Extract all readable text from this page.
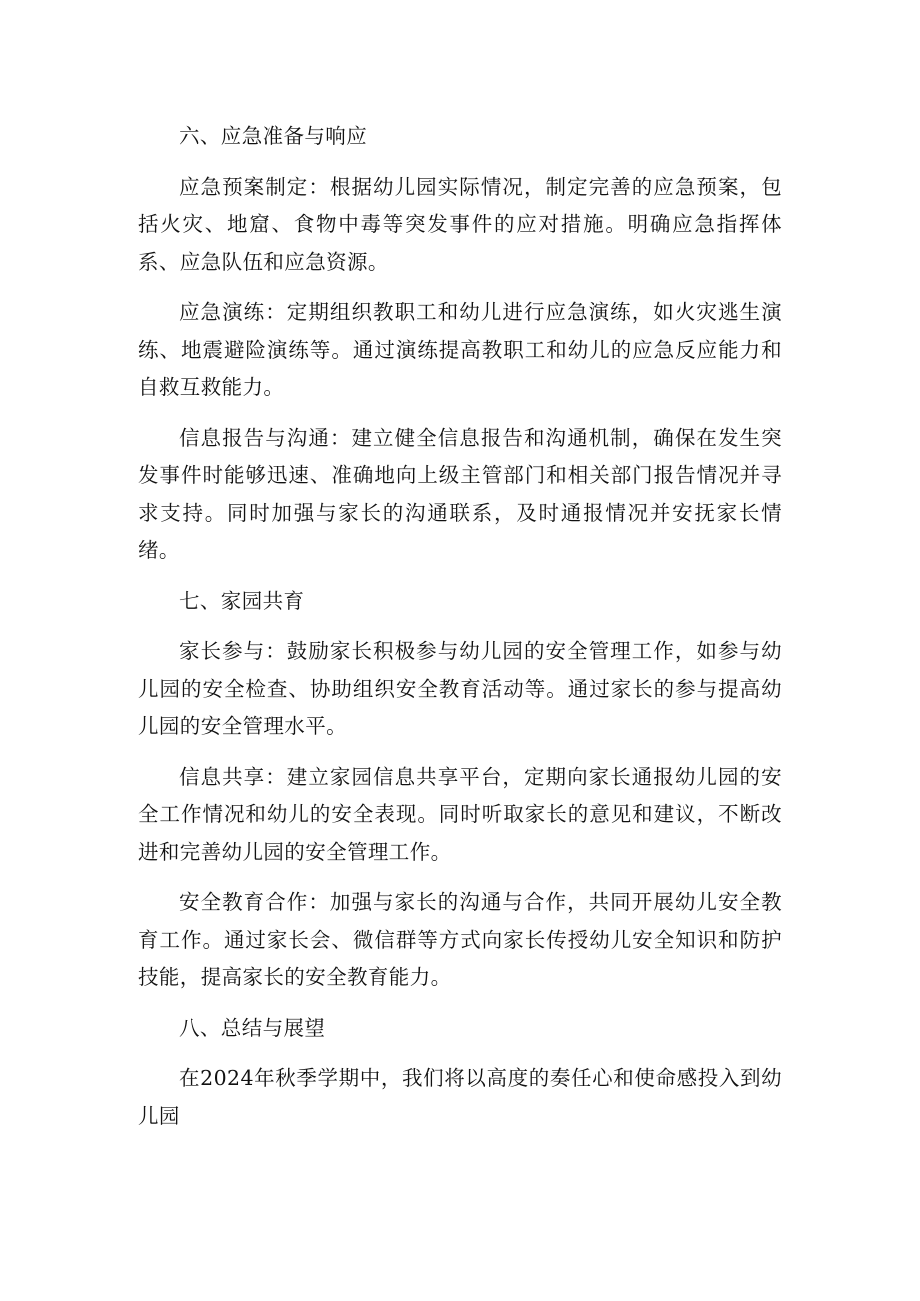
六、应急准备与响应

应急预案制定：根据幼儿园实际情况，制定完善的应急预案，包括火灾、地窟、食物中毒等突发事件的应对措施。明确应急指挥体系、应急队伍和应急资源。

应急演练：定期组织教职工和幼儿进行应急演练，如火灾逃生演练、地震避险演练等。通过演练提高教职工和幼儿的应急反应能力和自救互救能力。

信息报告与沟通：建立健全信息报告和沟通机制，确保在发生突发事件时能够迅速、准确地向上级主管部门和相关部门报告情况并寻求支持。同时加强与家长的沟通联系，及时通报情况并安抚家长情绪。

七、家园共育

家长参与：鼓励家长积极参与幼儿园的安全管理工作，如参与幼儿园的安全检查、协助组织安全教育活动等。通过家长的参与提高幼儿园的安全管理水平。

信息共享：建立家园信息共享平台，定期向家长通报幼儿园的安全工作情况和幼儿的安全表现。同时听取家长的意见和建议，不断改进和完善幼儿园的安全管理工作。

安全教育合作：加强与家长的沟通与合作，共同开展幼儿安全教育工作。通过家长会、微信群等方式向家长传授幼儿安全知识和防护技能，提高家长的安全教育能力。

八、总结与展望

在2024年秋季学期中，我们将以高度的奏任心和使命感投入到幼儿园
